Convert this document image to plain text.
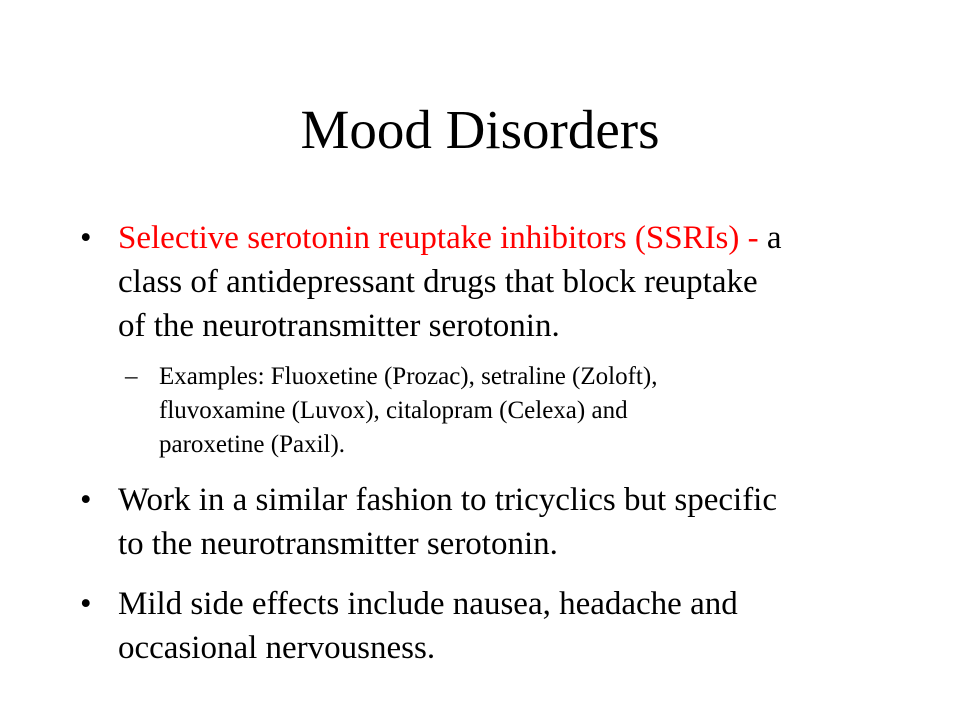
Mood Disorders
• Selective serotonin reuptake inhibitors (SSRIs) - a
class of antidepressant drugs that block reuptake
of the neurotransmitter serotonin.
– Examples: Fluoxetine (Prozac), setraline (Zoloft),
fluvoxamine (Luvox), citalopram (Celexa) and
paroxetine (Paxil).
• Work in a similar fashion to tricyclics but specific
to the neurotransmitter serotonin.
• Mild side effects include nausea, headache and
occasional nervousness.
